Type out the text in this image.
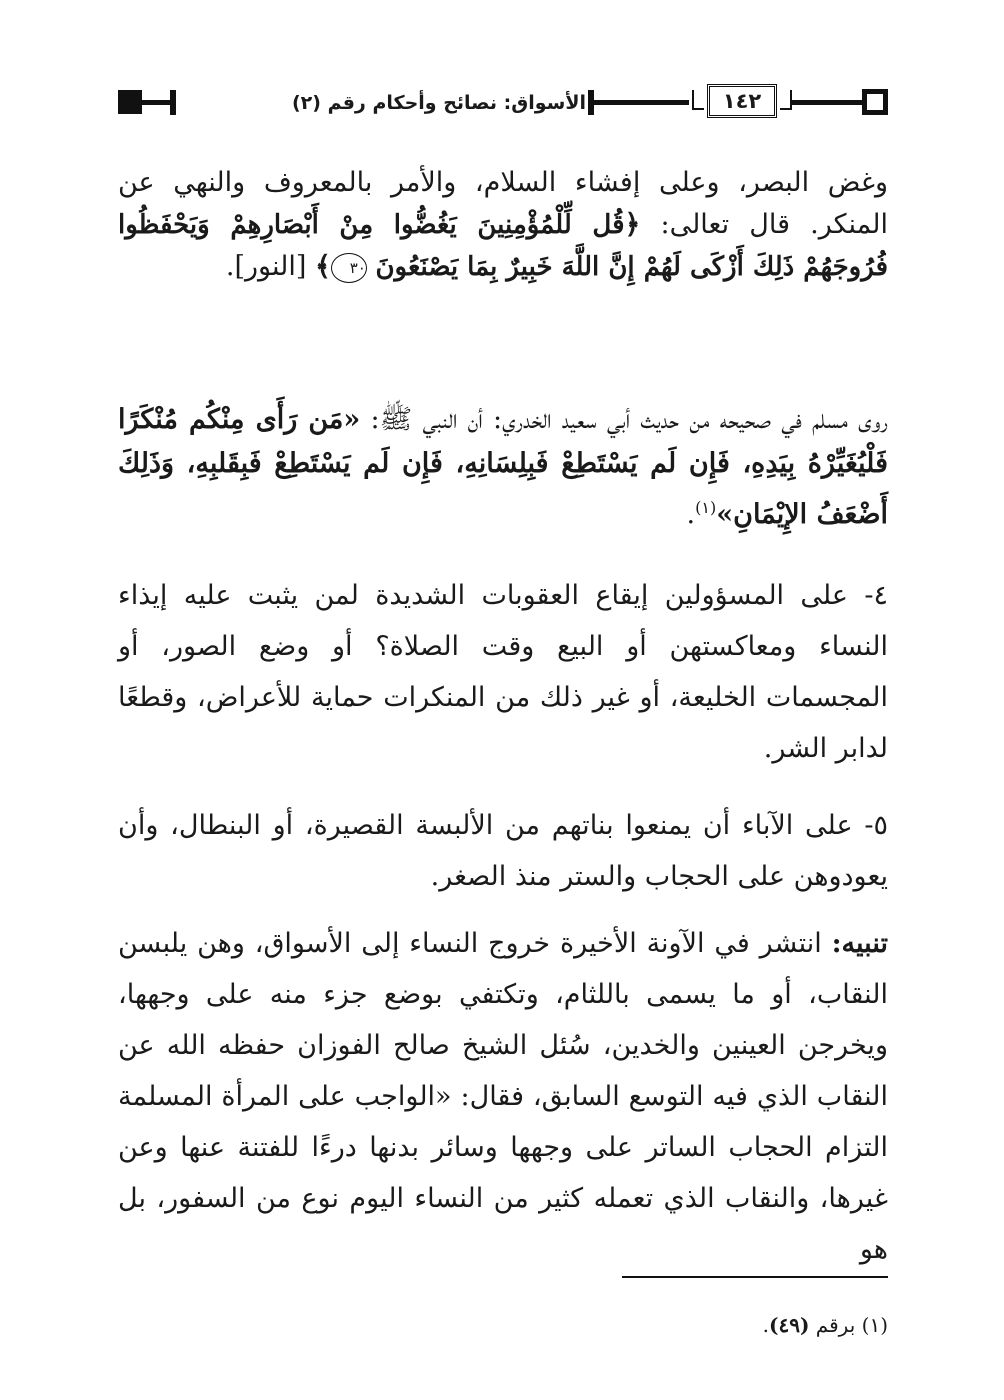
الأسواق: نصائح وأحكام رقم (٢)	١٤٢
وغض البصر، وعلى إفشاء السلام، والأمر بالمعروف والنهي عن المنكر. قال تعالى: ﴿قُل لِّلْمُؤْمِنِينَ يَغُضُّوا مِنْ أَبْصَارِهِمْ وَيَحْفَظُوا فُرُوجَهُمْ ذَلِكَ أَزْكَى لَهُمْ إِنَّ اللَّهَ خَبِيرٌ بِمَا يَصْنَعُونَ ٣٠﴾ [النور].
روى مسلم في صحيحه من حديث أبي سعيد الخدري: أن النبي ﷺ: «مَن رَأَى مِنْكُم مُنْكَرًا فَلْيُغَيِّرْهُ بِيَدِهِ، فَإِن لَم يَسْتَطِعْ فَبِلِسَانِهِ، فَإِن لَم يَسْتَطِعْ فَبِقَلبِهِ، وَذَلِكَ أَضْعَفُ الإِيْمَانِ»$^{(١)}$.
٤- على المسؤولين إيقاع العقوبات الشديدة لمن يثبت عليه إيذاء النساء ومعاكستهن أو البيع وقت الصلاة؟ أو وضع الصور، أو المجسمات الخليعة، أو غير ذلك من المنكرات حماية للأعراض، وقطعًا لدابر الشر.
٥- على الآباء أن يمنعوا بناتهم من الألبسة القصيرة، أو البنطال، وأن يعودوهن على الحجاب والستر منذ الصغر.
تنبيه: انتشر في الآونة الأخيرة خروج النساء إلى الأسواق، وهن يلبسن النقاب، أو ما يسمى باللثام، وتكتفي بوضع جزء منه على وجهها، ويخرجن العينين والخدين، سُئل الشيخ صالح الفوزان حفظه الله عن النقاب الذي فيه التوسع السابق، فقال: «الواجب على المرأة المسلمة التزام الحجاب الساتر على وجهها وسائر بدنها درءًا للفتنة عنها وعن غيرها، والنقاب الذي تعمله كثير من النساء اليوم نوع من السفور، بل هو
(١) برقم (٤٩).
